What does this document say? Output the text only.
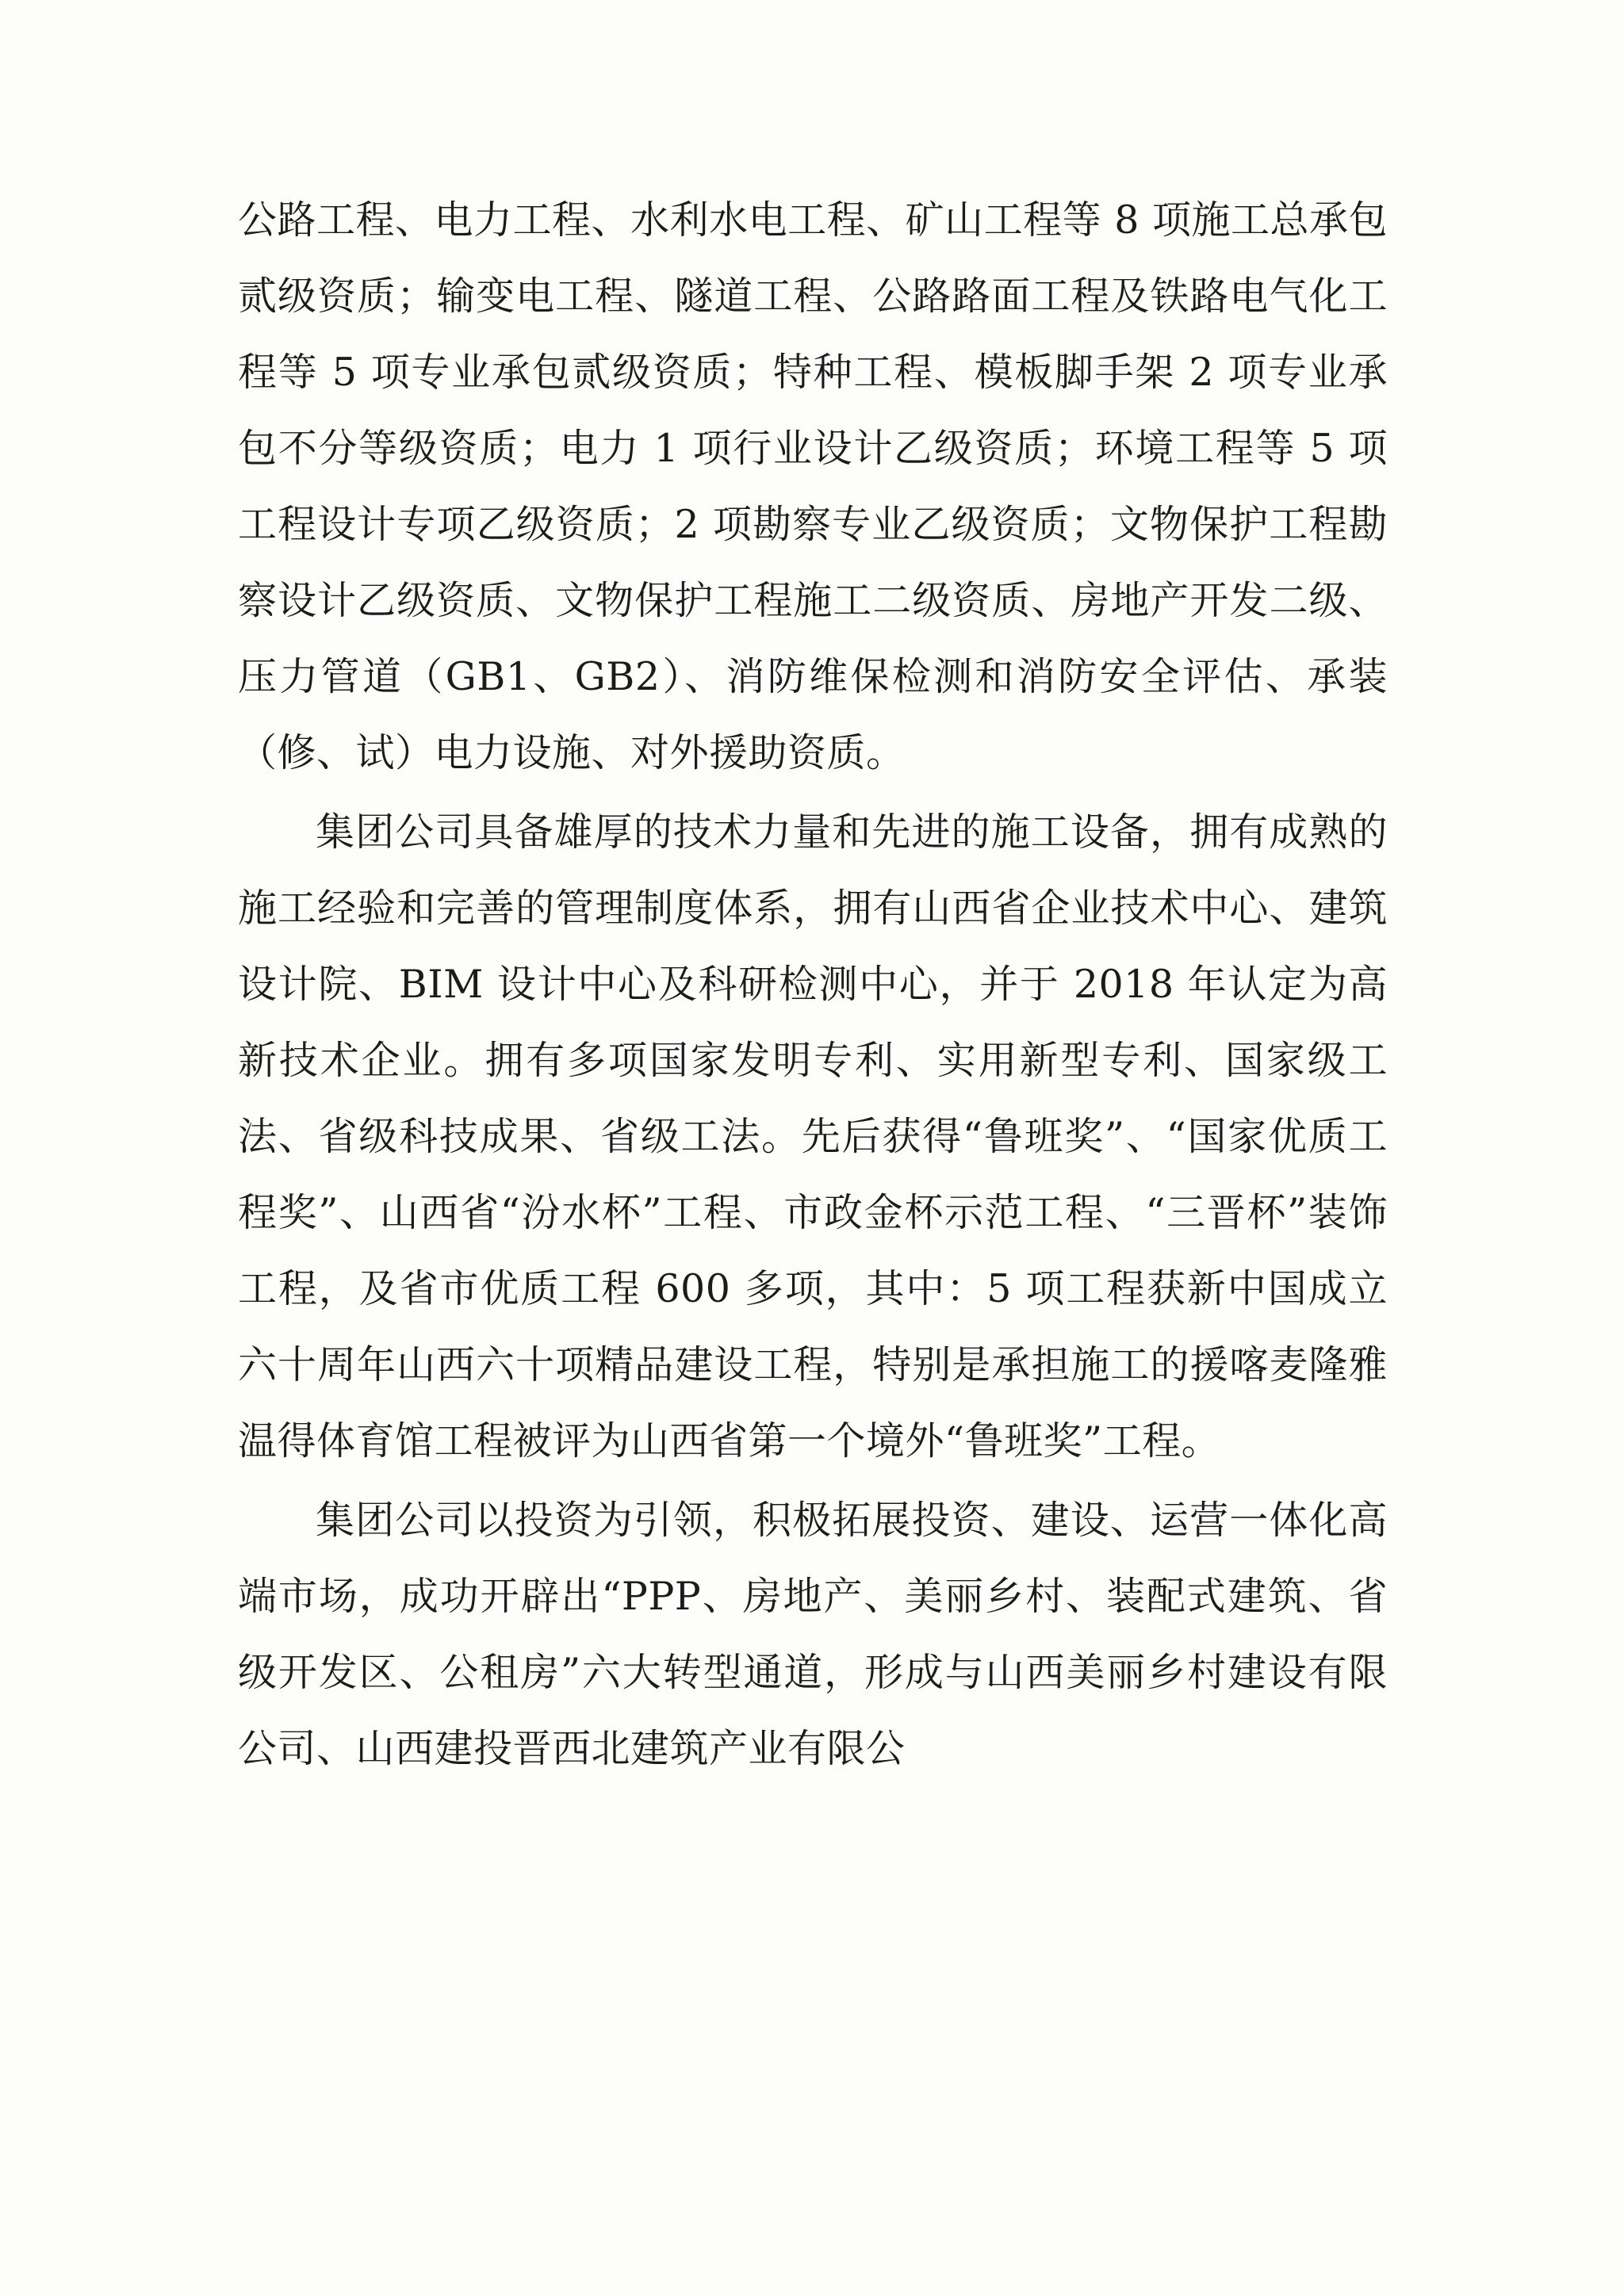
公路工程、电力工程、水利水电工程、矿山工程等 8 项施工总承包贰级资质；输变电工程、隧道工程、公路路面工程及铁路电气化工程等 5 项专业承包贰级资质；特种工程、模板脚手架 2 项专业承包不分等级资质；电力 1 项行业设计乙级资质；环境工程等 5 项工程设计专项乙级资质；2 项勘察专业乙级资质；文物保护工程勘察设计乙级资质、文物保护工程施工二级资质、房地产开发二级、压力管道（GB1、GB2）、消防维保检测和消防安全评估、承装（修、试）电力设施、对外援助资质。

集团公司具备雄厚的技术力量和先进的施工设备，拥有成熟的施工经验和完善的管理制度体系，拥有山西省企业技术中心、建筑设计院、BIM 设计中心及科研检测中心，并于 2018 年认定为高新技术企业。拥有多项国家发明专利、实用新型专利、国家级工法、省级科技成果、省级工法。先后获得“鲁班奖”、“国家优质工程奖”、山西省“汾水杯”工程、市政金杯示范工程、“三晋杯”装饰工程，及省市优质工程 600 多项，其中：5 项工程获新中国成立六十周年山西六十项精品建设工程，特别是承担施工的援喀麦隆雅温得体育馆工程被评为山西省第一个境外“鲁班奖”工程。

集团公司以投资为引领，积极拓展投资、建设、运营一体化高端市场，成功开辟出“PPP、房地产、美丽乡村、装配式建筑、省级开发区、公租房”六大转型通道，形成与山西美丽乡村建设有限公司、山西建投晋西北建筑产业有限公
